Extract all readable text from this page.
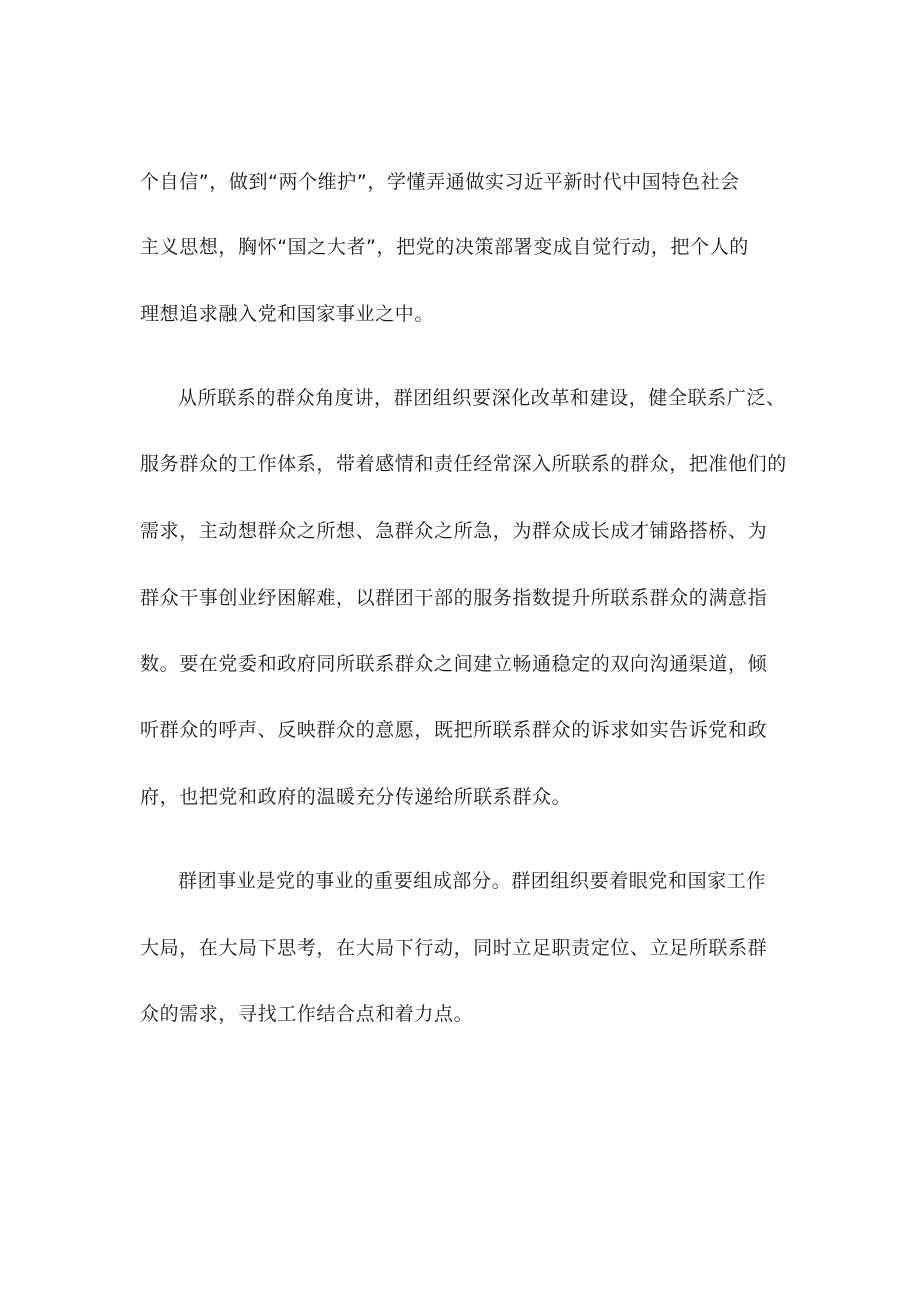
个自信”，做到“两个维护”，学懂弄通做实习近平新时代中国特色社会
主义思想，胸怀“国之大者”，把党的决策部署变成自觉行动，把个人的
理想追求融入党和国家事业之中。
从所联系的群众角度讲，群团组织要深化改革和建设，健全联系广泛、
服务群众的工作体系，带着感情和责任经常深入所联系的群众，把准他们的
需求，主动想群众之所想、急群众之所急，为群众成长成才铺路搭桥、为
群众干事创业纾困解难，以群团干部的服务指数提升所联系群众的满意指
数。要在党委和政府同所联系群众之间建立畅通稳定的双向沟通渠道，倾
听群众的呼声、反映群众的意愿，既把所联系群众的诉求如实告诉党和政
府，也把党和政府的温暖充分传递给所联系群众。
群团事业是党的事业的重要组成部分。群团组织要着眼党和国家工作
大局，在大局下思考，在大局下行动，同时立足职责定位、立足所联系群
众的需求，寻找工作结合点和着力点。
